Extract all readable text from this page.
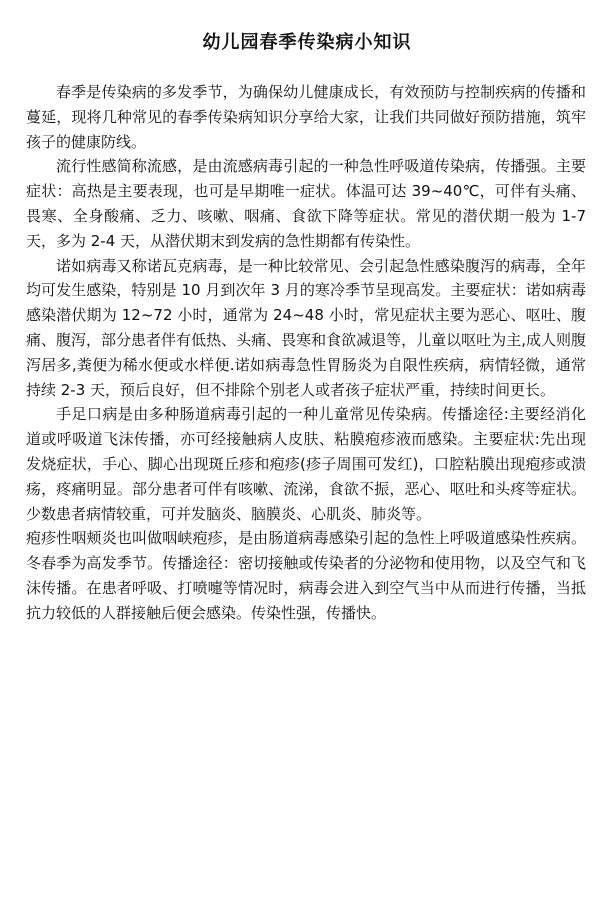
幼儿园春季传染病小知识

春季是传染病的多发季节，为确保幼儿健康成长，有效预防与控制疾病的传播和蔓延，现将几种常见的春季传染病知识分享给大家，让我们共同做好预防措施，筑牢孩子的健康防线。

流行性感简称流感，是由流感病毒引起的一种急性呼吸道传染病，传播强。主要症状：高热是主要表现，也可是早期唯一症状。体温可达 39~40℃，可伴有头痛、畏寒、全身酸痛、乏力、咳嗽、咽痛、食欲下降等症状。常见的潜伏期一般为 1-7 天，多为 2-4 天，从潜伏期末到发病的急性期都有传染性。

诺如病毒又称诺瓦克病毒，是一种比较常见、会引起急性感染腹泻的病毒，全年均可发生感染，特别是 10 月到次年 3 月的寒冷季节呈现高发。主要症状：诺如病毒感染潜伏期为 12~72 小时，通常为 24~48 小时，常见症状主要为恶心、呕吐、腹痛、腹泻，部分患者伴有低热、头痛、畏寒和食欲减退等，儿童以呕吐为主,成人则腹泻居多,粪便为稀水便或水样便.诺如病毒急性胃肠炎为自限性疾病，病情轻微，通常持续 2-3 天，预后良好，但不排除个别老人或者孩子症状严重，持续时间更长。

手足口病是由多种肠道病毒引起的一种儿童常见传染病。传播途径:主要经消化道或呼吸道飞沫传播，亦可经接触病人皮肤、粘膜疱疹液而感染。主要症状:先出现发烧症状，手心、脚心出现斑丘疹和疱疹(疹子周围可发红)，口腔粘膜出现疱疹或溃疡，疼痛明显。部分患者可伴有咳嗽、流涕，食欲不振，恶心、呕吐和头疼等症状。少数患者病情较重，可并发脑炎、脑膜炎、心肌炎、肺炎等。

疱疹性咽颊炎也叫做咽峡疱疹，是由肠道病毒感染引起的急性上呼吸道感染性疾病。冬春季为高发季节。传播途径：密切接触或传染者的分泌物和使用物，以及空气和飞沫传播。在患者呼吸、打喷嚏等情况时，病毒会进入到空气当中从而进行传播，当抵抗力较低的人群接触后便会感染。传染性强，传播快。
